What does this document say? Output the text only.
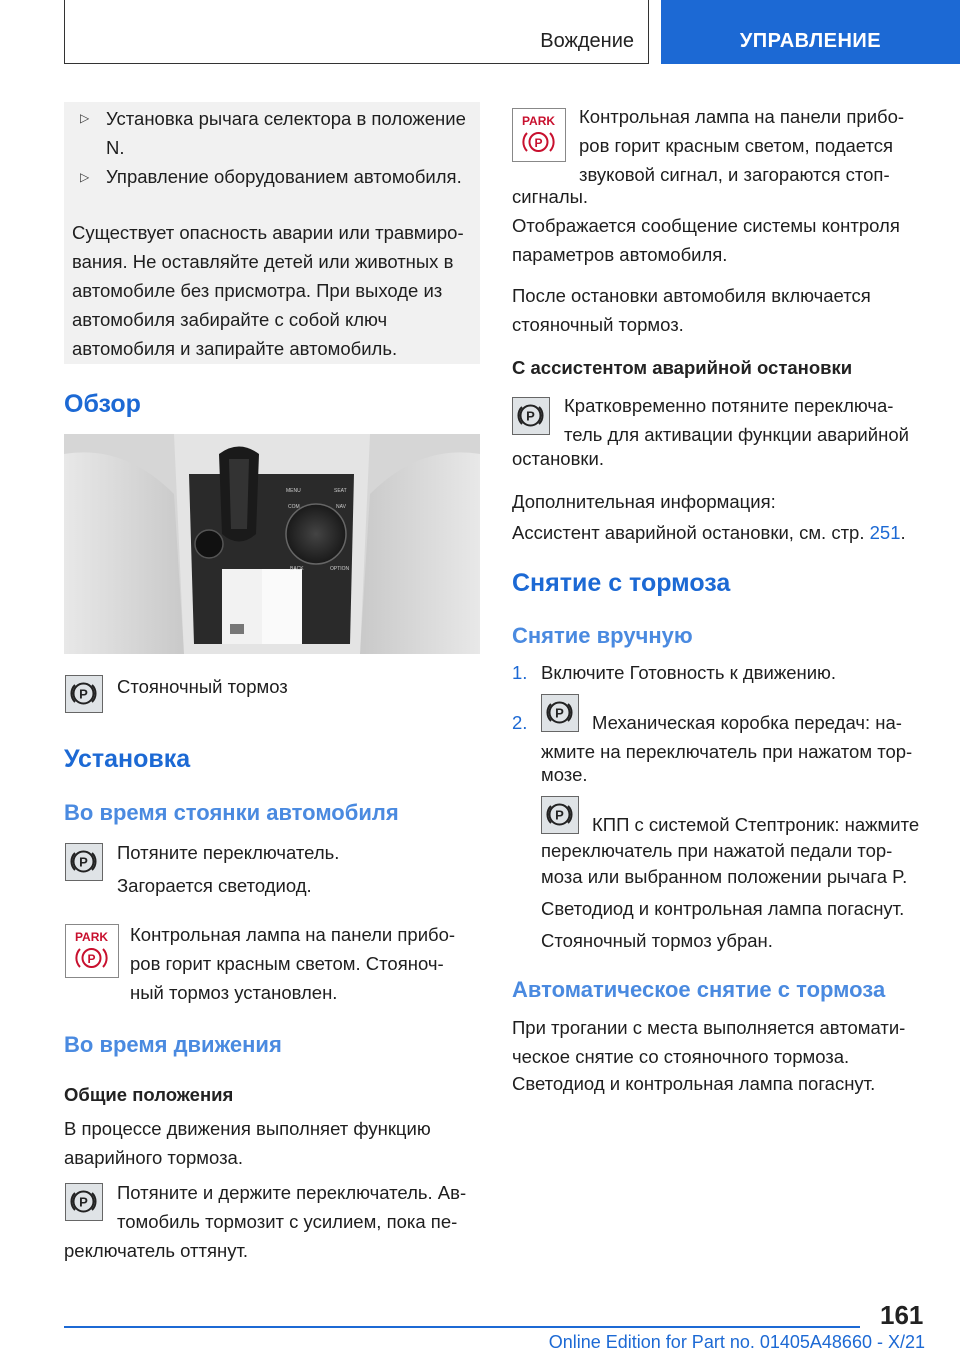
Вождение	УПРАВЛЕНИЕ
▷ Установка рычага селектора в положение N.
▷ Управление оборудованием автомобиля.
Существует опасность аварии или травмиро-
вания. Не оставляйте детей или животных в
автомобиле без присмотра. При выходе из
автомобиля забирайте с собой ключ
автомобиля и запирайте автомобиль.
Обзор
MENU	SEAT
COM	NAV
BACK	OPTION
P Стояночный тормоз
Установка
Во время стоянки автомобиля
P Потяните переключатель.
Загорается светодиод.
PARK
P
Контрольная лампа на панели прибо-
ров горит красным светом. Стояноч-
ный тормоз установлен.
Во время движения
Общие положения
В процессе движения выполняет функцию
аварийного тормоза.
P Потяните и держите переключатель. Ав-
томобиль тормозит с усилием, пока пе-
реключатель оттянут.
PARK
P
Контрольная лампа на панели прибо-
ров горит красным светом, подается
звуковой сигнал, и загораются стоп-
сигналы.
Отображается сообщение системы контроля
параметров автомобиля.
После остановки автомобиля включается
стояночный тормоз.
С ассистентом аварийной остановки
P Кратковременно потяните переключа-
тель для активации функции аварийной
остановки.
Дополнительная информация:
Ассистент аварийной остановки, см. стр. 251.
Снятие с тормоза
Снятие вручную
1. Включите Готовность к движению.
2. P Механическая коробка передач: на-
жмите на переключатель при нажатом тор-
мозе.
P КПП с системой Стептроник: нажмите
переключатель при нажатой педали тор-
моза или выбранном положении рычага P.
Светодиод и контрольная лампа погаснут.
Стояночный тормоз убран.
Автоматическое снятие с тормоза
При трогании с места выполняется автомати-
ческое снятие со стояночного тормоза.
Светодиод и контрольная лампа погаснут.
161
Online Edition for Part no. 01405A48660 - X/21
